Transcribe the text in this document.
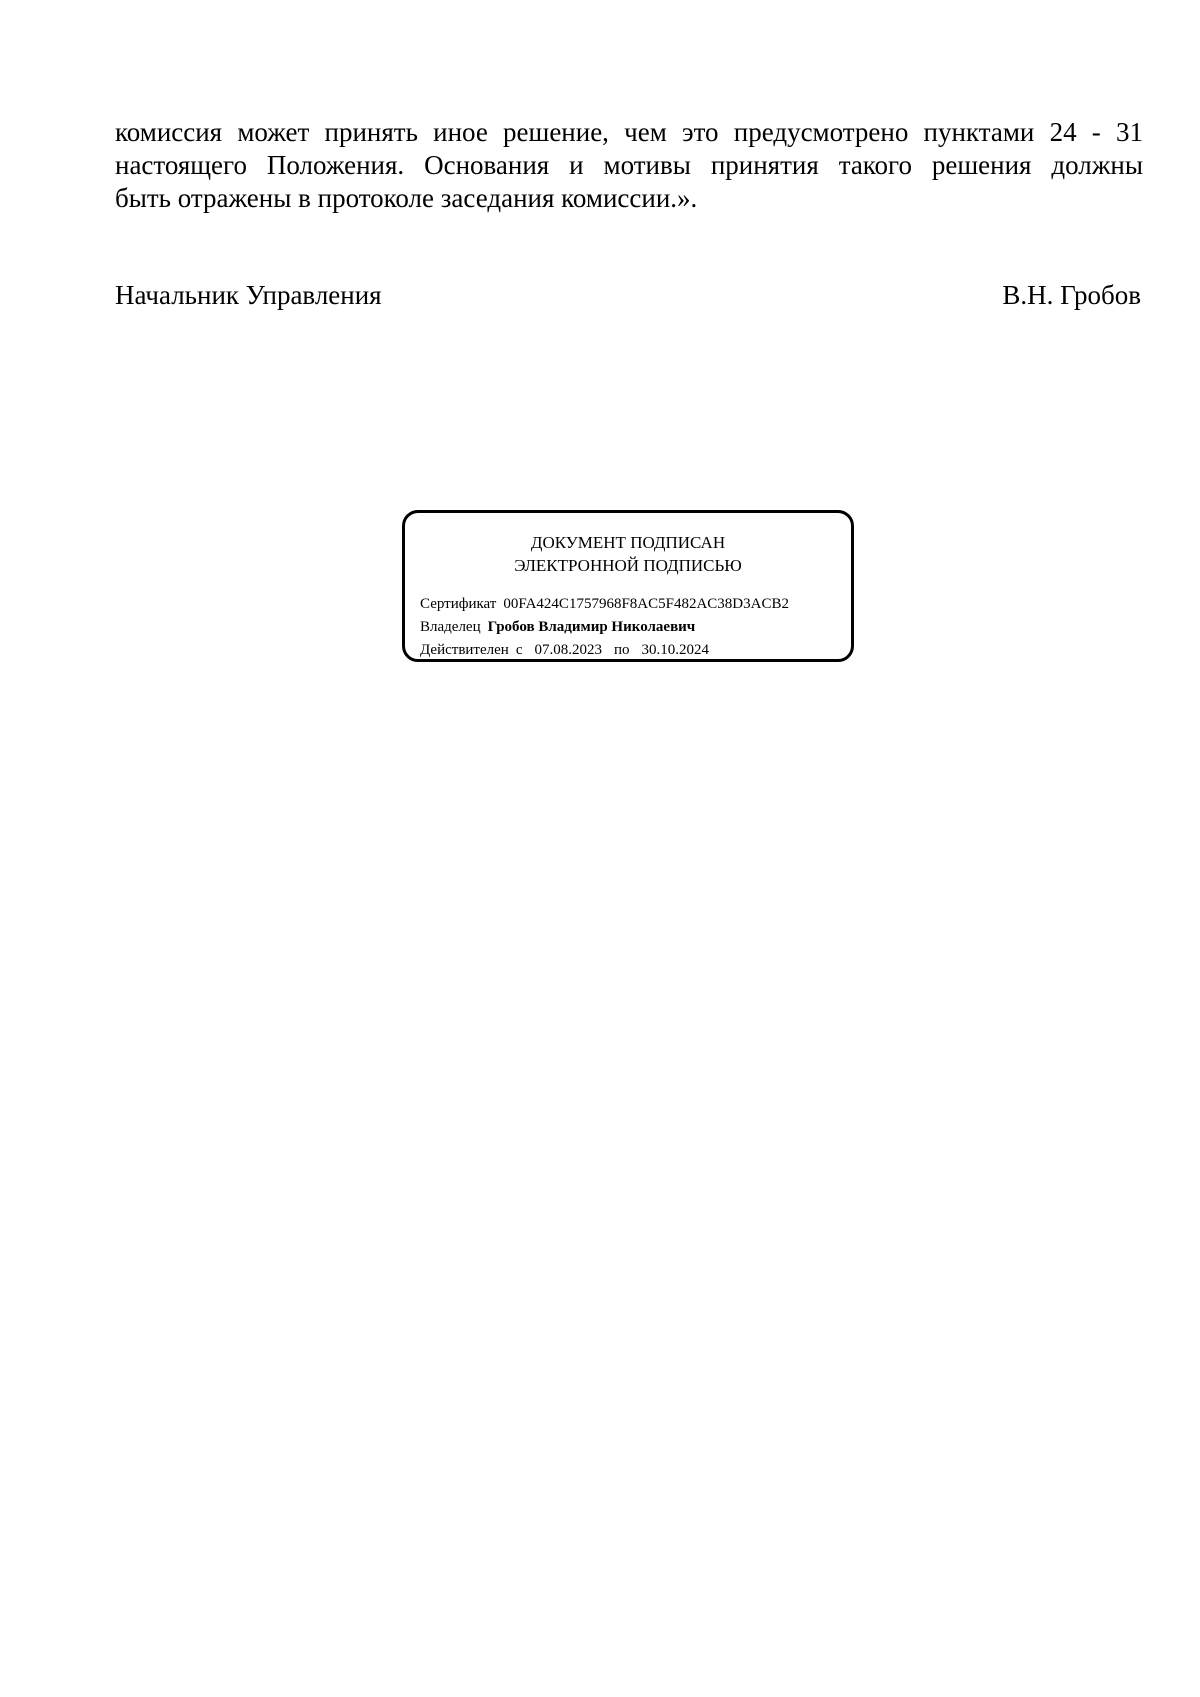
комиссия может принять иное решение, чем это предусмотрено пунктами 24 - 31
настоящего Положения. Основания и мотивы принятия такого решения должны
быть отражены в протоколе заседания комиссии.».

Начальник Управления	В.Н. Гробов
ДОКУМЕНТ ПОДПИСАН
ЭЛЕКТРОННОЙ ПОДПИСЬЮ
Сертификат 00FA424C1757968F8AC5F482AC38D3ACB2
Владелец Гробов Владимир Николаевич
Действителен с 07.08.2023 по 30.10.2024
